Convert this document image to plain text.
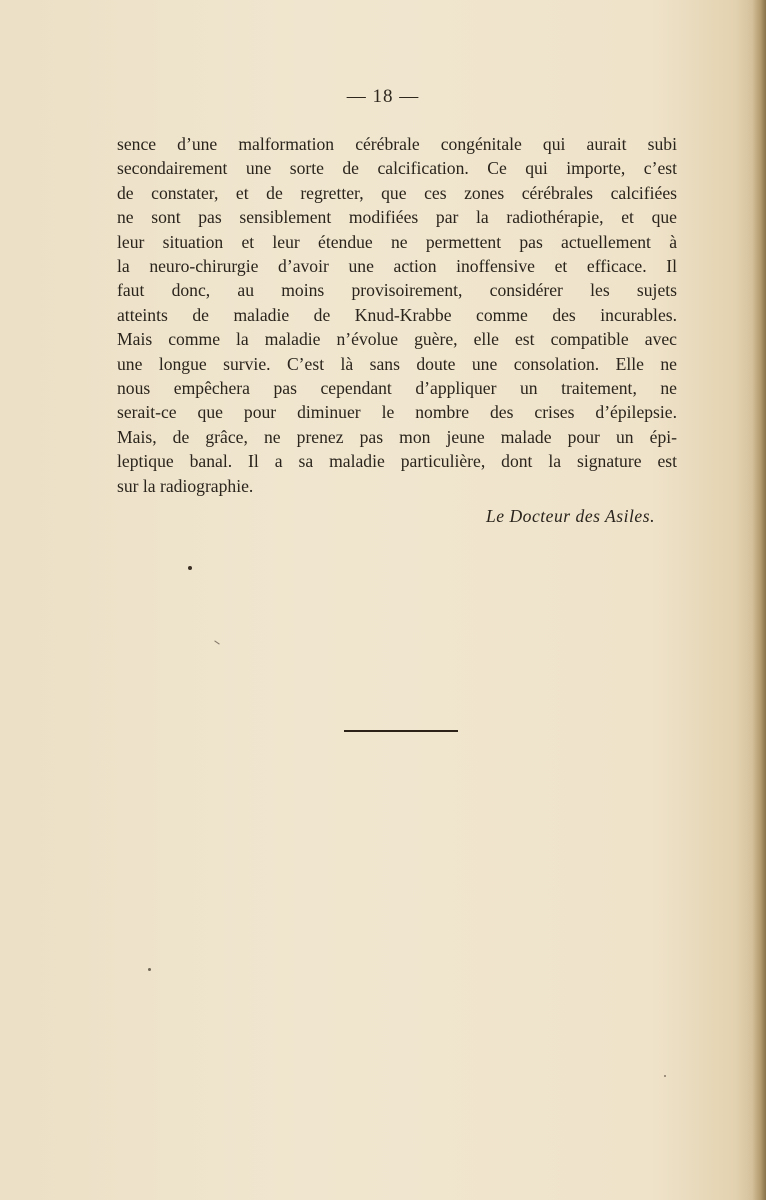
— 18 —
sence d’une malformation cérébrale congénitale qui aurait subi
secondairement une sorte de calcification. Ce qui importe, c’est
de constater, et de regretter, que ces zones cérébrales calcifiées
ne sont pas sensiblement modifiées par la radiothérapie, et que
leur situation et leur étendue ne permettent pas actuellement à
la neuro-chirurgie d’avoir une action inoffensive et efficace. Il
faut donc, au moins provisoirement, considérer les sujets
atteints de maladie de Knud-Krabbe comme des incurables.
Mais comme la maladie n’évolue guère, elle est compatible avec
une longue survie. C’est là sans doute une consolation. Elle ne
nous empêchera pas cependant d’appliquer un traitement, ne
serait-ce que pour diminuer le nombre des crises d’épilepsie.
Mais, de grâce, ne prenez pas mon jeune malade pour un épi-
leptique banal. Il a sa maladie particulière, dont la signature est
sur la radiographie.
Le Docteur des Asiles.
